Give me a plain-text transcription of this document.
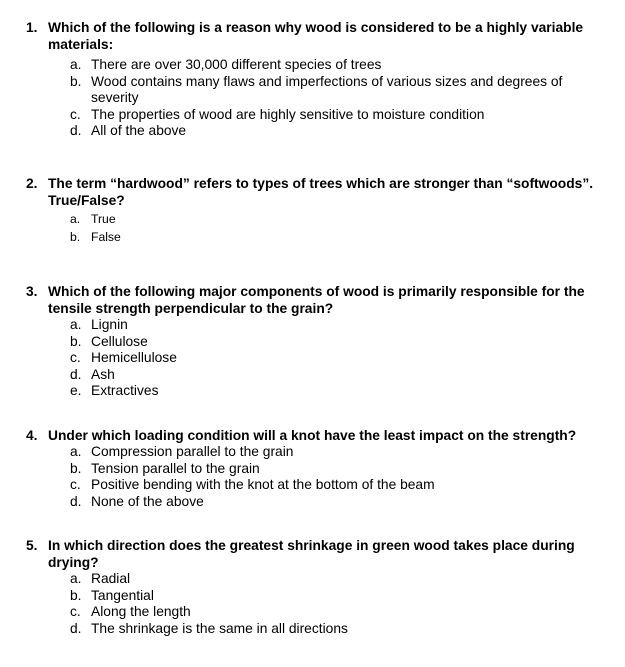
1. Which of the following is a reason why wood is considered to be a highly variable materials:
a. There are over 30,000 different species of trees
b. Wood contains many flaws and imperfections of various sizes and degrees of severity
c. The properties of wood are highly sensitive to moisture condition
d. All of the above
2. The term “hardwood” refers to types of trees which are stronger than “softwoods”. True/False?
a. True
b. False
3. Which of the following major components of wood is primarily responsible for the tensile strength perpendicular to the grain?
a. Lignin
b. Cellulose
c. Hemicellulose
d. Ash
e. Extractives
4. Under which loading condition will a knot have the least impact on the strength?
a. Compression parallel to the grain
b. Tension parallel to the grain
c. Positive bending with the knot at the bottom of the beam
d. None of the above
5. In which direction does the greatest shrinkage in green wood takes place during drying?
a. Radial
b. Tangential
c. Along the length
d. The shrinkage is the same in all directions
